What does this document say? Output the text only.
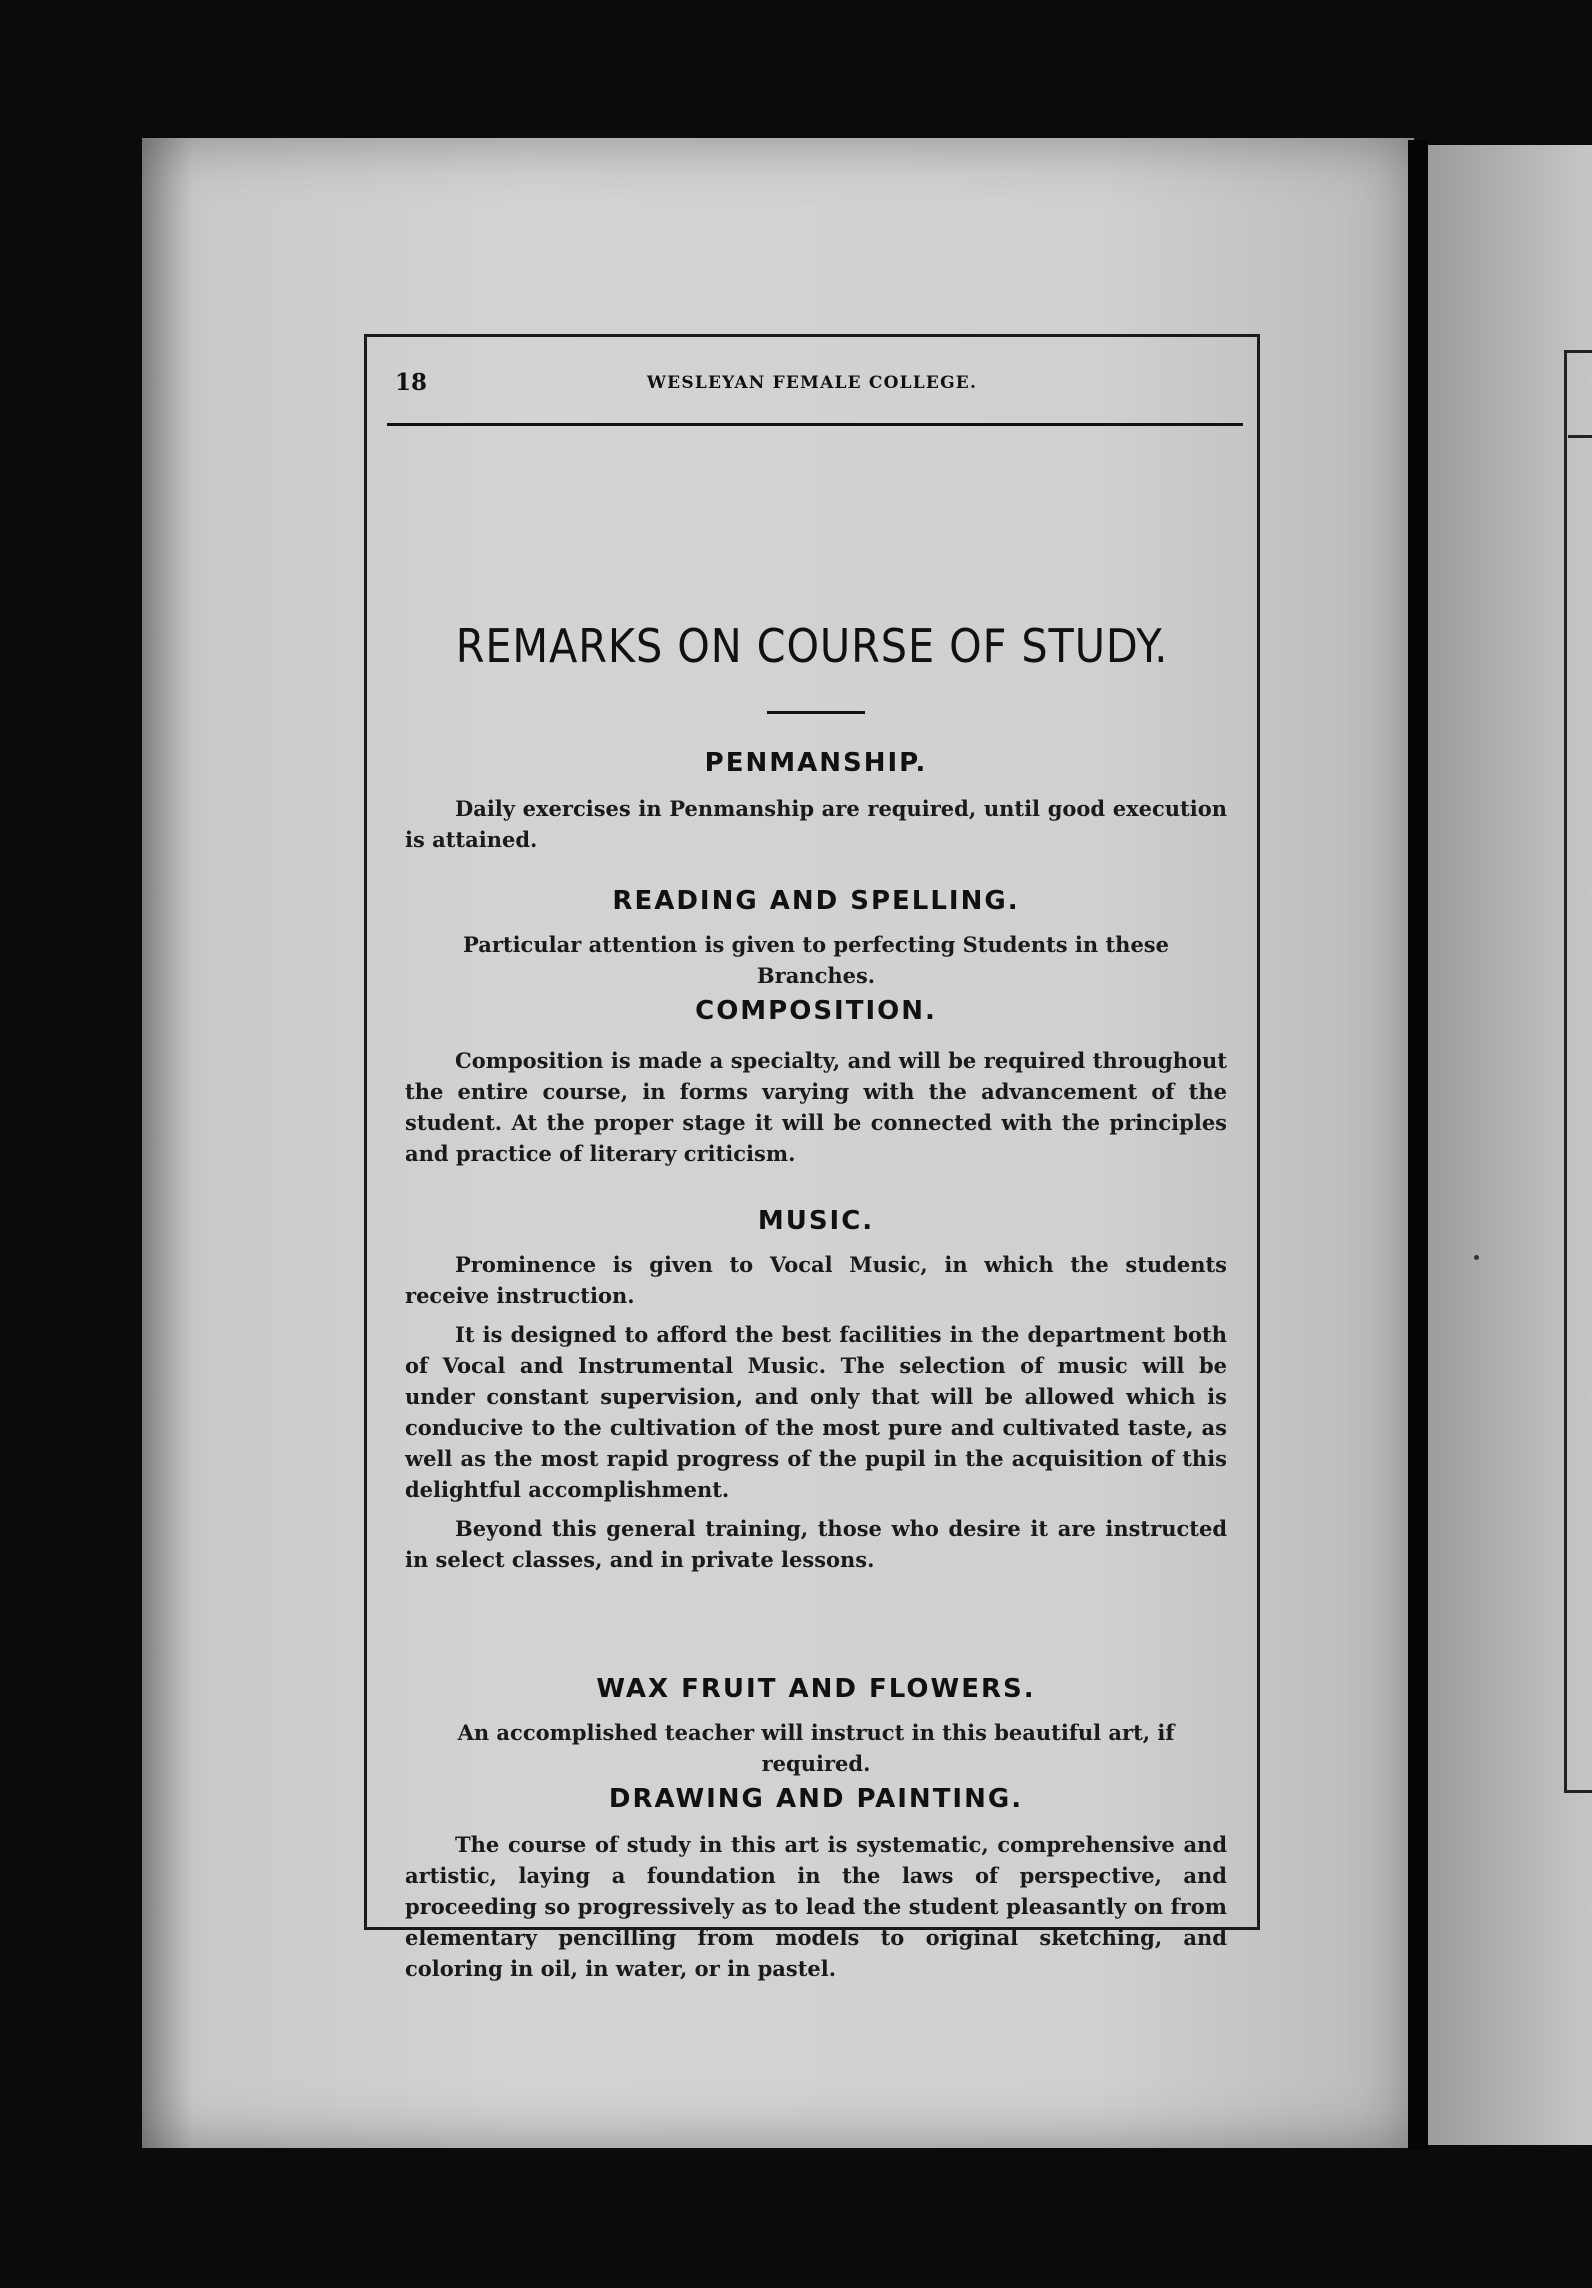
18	WESLEYAN FEMALE COLLEGE.
REMARKS ON COURSE OF STUDY.
PENMANSHIP.

Daily exercises in Penmanship are required, until good execution is attained.

READING AND SPELLING.

Particular attention is given to perfecting Students in these Branches.

COMPOSITION.

Composition is made a specialty, and will be required throughout the entire course, in forms varying with the advancement of the student. At the proper stage it will be connected with the principles and practice of literary criticism.

MUSIC.

Prominence is given to Vocal Music, in which the students receive instruction.

It is designed to afford the best facilities in the department both of Vocal and Instrumental Music. The selection of music will be under constant supervision, and only that will be allowed which is conducive to the cultivation of the most pure and cultivated taste, as well as the most rapid progress of the pupil in the acquisition of this delightful accomplishment.

Beyond this general training, those who desire it are instructed in select classes, and in private lessons.

WAX FRUIT AND FLOWERS.

An accomplished teacher will instruct in this beautiful art, if required.

DRAWING AND PAINTING.

The course of study in this art is systematic, comprehensive and artistic, laying a foundation in the laws of perspective, and proceeding so progressively as to lead the student pleasantly on from elementary pencilling from models to original sketching, and coloring in oil, in water, or in pastel.
